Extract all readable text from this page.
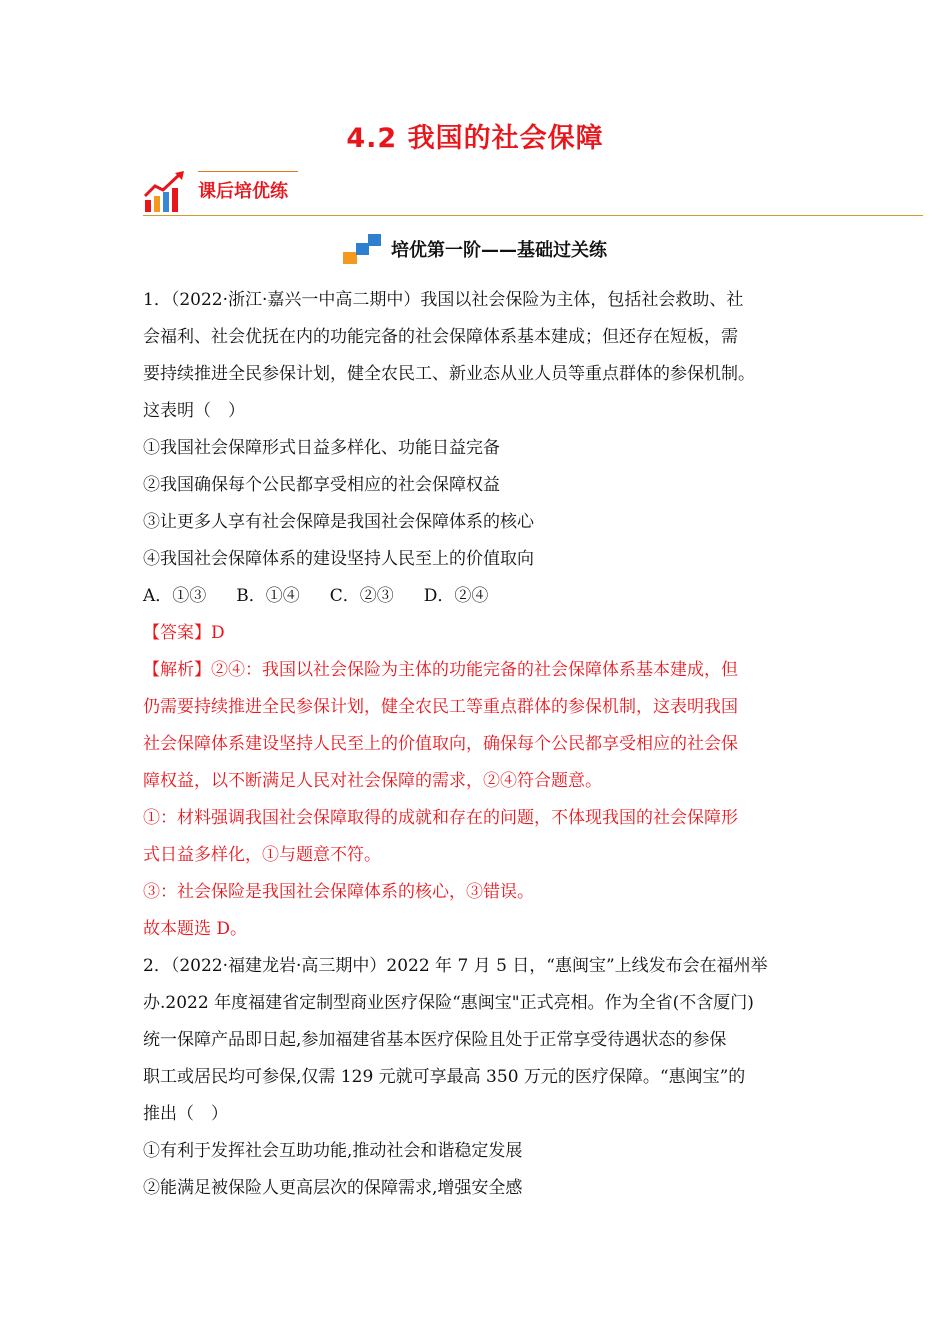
4.2 我国的社会保障
课后培优练
培优第一阶——基础过关练
1．（2022·浙江·嘉兴一中高二期中）我国以社会保险为主体，包括社会救助、社
会福利、社会优抚在内的功能完备的社会保障体系基本建成；但还存在短板，需
要持续推进全民参保计划，健全农民工、新业态从业人员等重点群体的参保机制。
这表明（　）
①我国社会保障形式日益多样化、功能日益完备
②我国确保每个公民都享受相应的社会保障权益
③让更多人享有社会保障是我国社会保障体系的核心
④我国社会保障体系的建设坚持人民至上的价值取向
A．①③ B．①④ C．②③ D．②④
【答案】D
【解析】②④：我国以社会保险为主体的功能完备的社会保障体系基本建成，但
仍需要持续推进全民参保计划，健全农民工等重点群体的参保机制，这表明我国
社会保障体系建设坚持人民至上的价值取向，确保每个公民都享受相应的社会保
障权益，以不断满足人民对社会保障的需求，②④符合题意。
①：材料强调我国社会保障取得的成就和存在的问题，不体现我国的社会保障形
式日益多样化，①与题意不符。
③：社会保险是我国社会保障体系的核心，③错误。
故本题选 D。
2．（2022·福建龙岩·高三期中）2022 年 7 月 5 日，“惠闽宝”上线发布会在福州举
办.2022 年度福建省定制型商业医疗保险“惠闽宝"正式亮相。作为全省(不含厦门)
统一保障产品即日起,参加福建省基本医疗保险且处于正常享受待遇状态的参保
职工或居民均可参保,仅需 129 元就可享最高 350 万元的医疗保障。“惠闽宝”的
推出（　）
①有利于发挥社会互助功能,推动社会和谐稳定发展
②能满足被保险人更高层次的保障需求,增强安全感
